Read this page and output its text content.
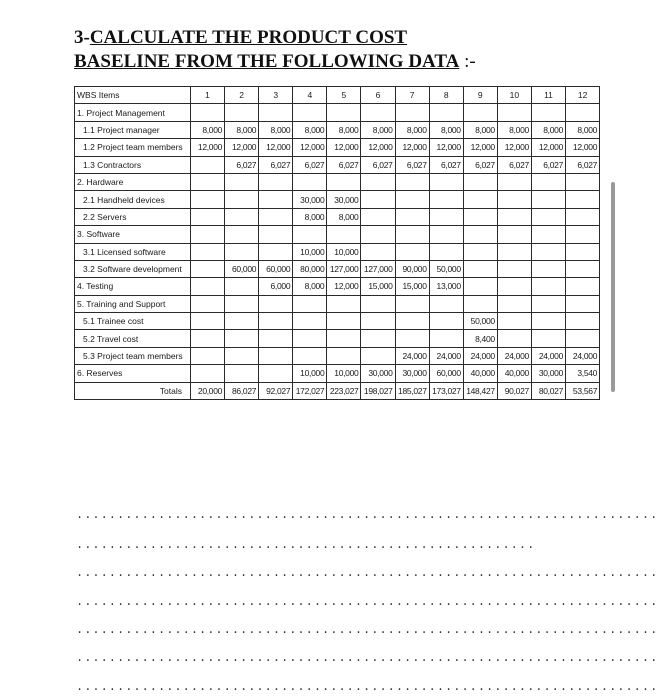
3-CALCULATE THE PRODUCT COST
BASELINE FROM THE FOLLOWING DATA :-
WBS Items	1	2	3	4	5	6	7	8	9	10	11	12
1. Project Management												
1.1 Project manager	8,000	8,000	8,000	8,000	8,000	8,000	8,000	8,000	8,000	8,000	8,000	8,000
1.2 Project team members	12,000	12,000	12,000	12,000	12,000	12,000	12,000	12,000	12,000	12,000	12,000	12,000
1.3 Contractors		6,027	6,027	6,027	6,027	6,027	6,027	6,027	6,027	6,027	6,027	6,027
2. Hardware												
2.1 Handheld devices				30,000	30,000							
2.2 Servers				8,000	8,000							
3. Software												
3.1 Licensed software				10,000	10,000							
3.2 Software development		60,000	60,000	80,000	127,000	127,000	90,000	50,000				
4. Testing			6,000	8,000	12,000	15,000	15,000	13,000				
5. Training and Support												
5.1 Trainee cost									50,000			
5.2 Travel cost									8,400			
5.3 Project team members							24,000	24,000	24,000	24,000	24,000	24,000
6. Reserves				10,000	10,000	30,000	30,000	60,000	40,000	40,000	30,000	3,540
Totals	20,000	86,027	92,027	172,027	223,027	198,027	185,027	173,027	148,427	90,027	80,027	53,567
.......................................................................
........................................................
.......................................................................
.......................................................................
.......................................................................
.......................................................................
.......................................................................
